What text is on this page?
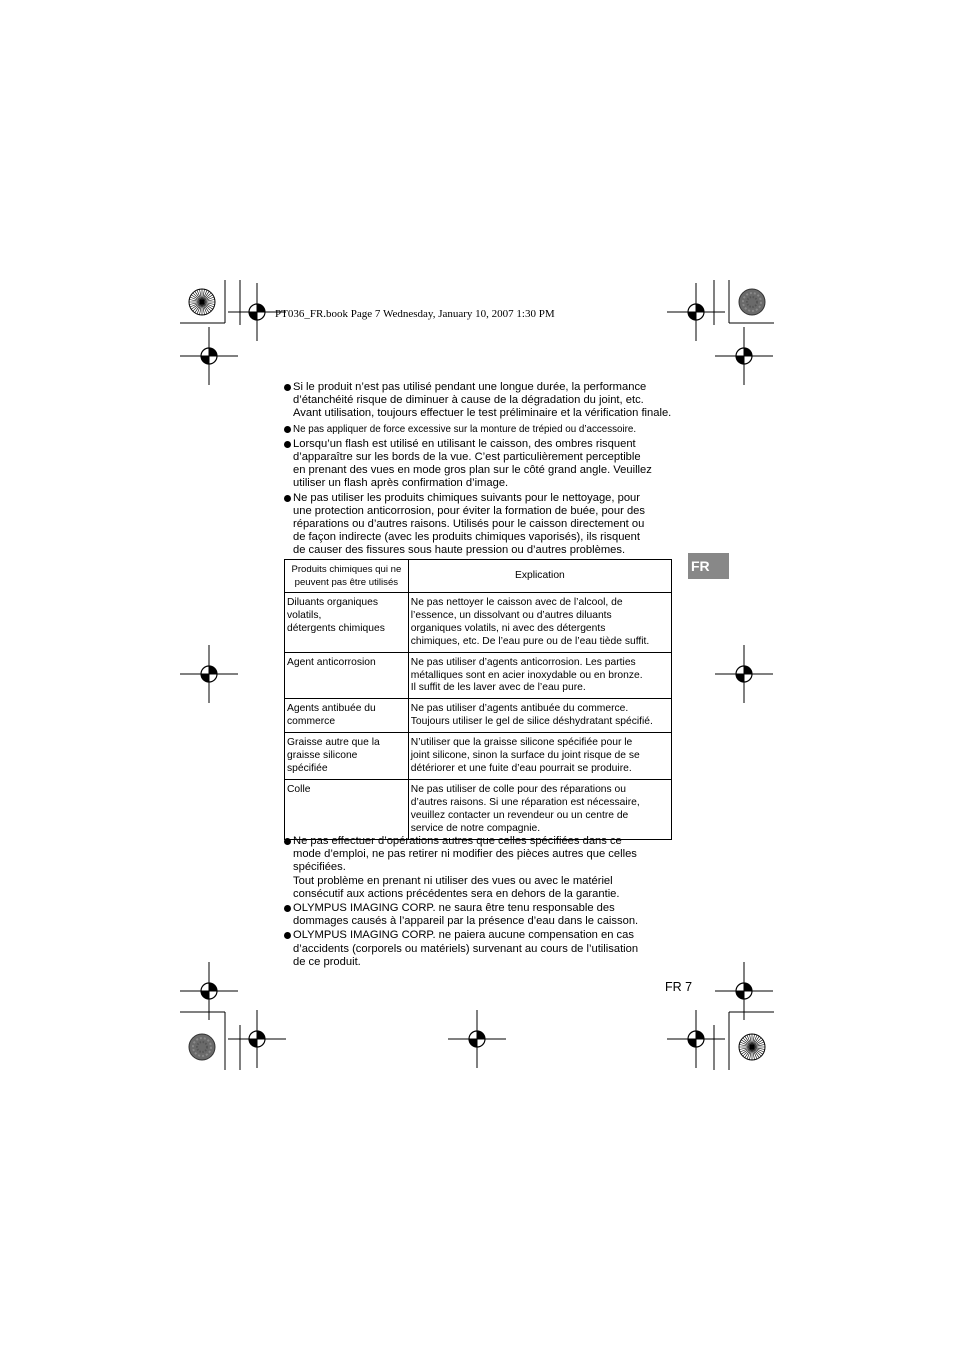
PT036_FR.book Page 7 Wednesday, January 10, 2007 1:30 PM
Si le produit n’est pas utilisé pendant une longue durée, la performance
d’étanchéité risque de diminuer à cause de la dégradation du joint, etc.
Avant utilisation, toujours effectuer le test préliminaire et la vérification finale.
Ne pas appliquer de force excessive sur la monture de trépied ou d’accessoire.
Lorsqu’un flash est utilisé en utilisant le caisson, des ombres risquent
d’apparaître sur les bords de la vue. C’est particulièrement perceptible
en prenant des vues en mode gros plan sur le côté grand angle. Veuillez
utiliser un flash après confirmation d’image.
Ne pas utiliser les produits chimiques suivants pour le nettoyage, pour
une protection anticorrosion, pour éviter la formation de buée, pour des
réparations ou d’autres raisons. Utilisés pour le caisson directement ou
de façon indirecte (avec les produits chimiques vaporisés), ils risquent
de causer des fissures sous haute pression ou d’autres problèmes.
FR
Produits chimiques qui ne
peuvent pas être utilisés	Explication
Diluants organiques
volatils,
détergents chimiques	Ne pas nettoyer le caisson avec de l’alcool, de
l’essence, un dissolvant ou d’autres diluants
organiques volatils, ni avec des détergents
chimiques, etc. De l’eau pure ou de l’eau tiède suffit.
Agent anticorrosion	Ne pas utiliser d’agents anticorrosion. Les parties
métalliques sont en acier inoxydable ou en bronze.
Il suffit de les laver avec de l’eau pure.
Agents antibuée du
commerce	Ne pas utiliser d’agents antibuée du commerce.
Toujours utiliser le gel de silice déshydratant spécifié.
Graisse autre que la
graisse silicone
spécifiée	N’utiliser que la graisse silicone spécifiée pour le
joint silicone, sinon la surface du joint risque de se
détériorer et une fuite d’eau pourrait se produire.
Colle	Ne pas utiliser de colle pour des réparations ou
d’autres raisons. Si une réparation est nécessaire,
veuillez contacter un revendeur ou un centre de
service de notre compagnie.
Ne pas effectuer d’opérations autres que celles spécifiées dans ce
mode d’emploi, ne pas retirer ni modifier des pièces autres que celles
spécifiées.
Tout problème en prenant ni utiliser des vues ou avec le matériel
consécutif aux actions précédentes sera en dehors de la garantie.
OLYMPUS IMAGING CORP. ne saura être tenu responsable des
dommages causés à l’appareil par la présence d’eau dans le caisson.
OLYMPUS IMAGING CORP. ne paiera aucune compensation en cas
d’accidents (corporels ou matériels) survenant au cours de l’utilisation
de ce produit.
FR 7
